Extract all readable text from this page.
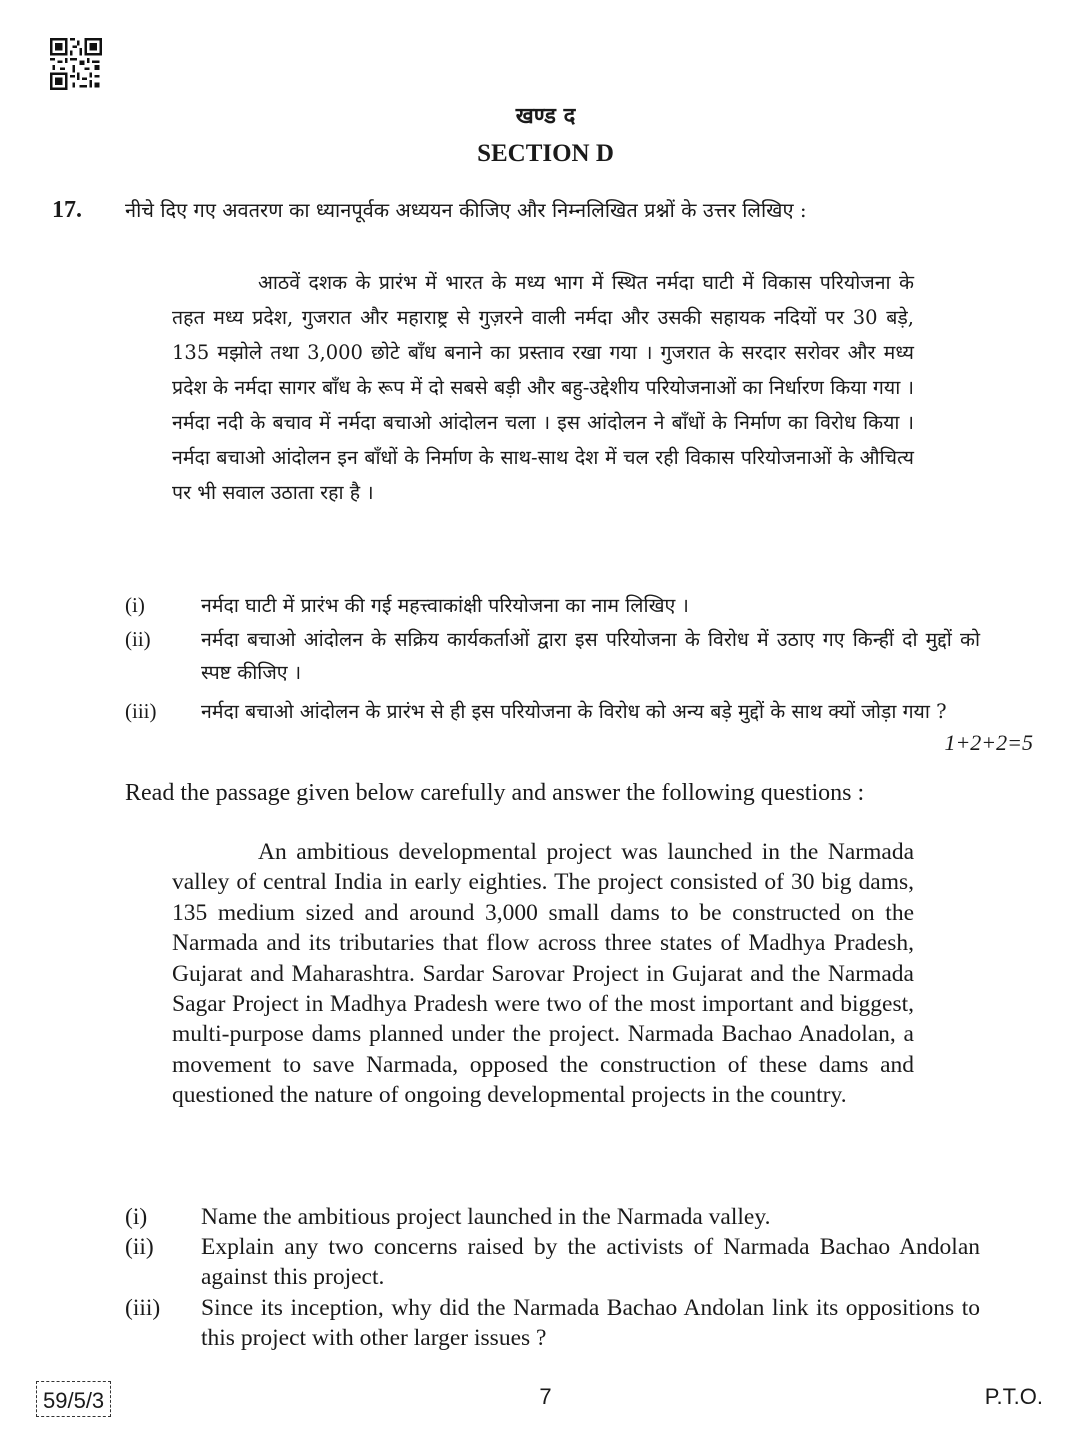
खण्ड द
SECTION D
17. नीचे दिए गए अवतरण का ध्यानपूर्वक अध्ययन कीजिए और निम्नलिखित प्रश्नों के उत्तर लिखिए :
आठवें दशक के प्रारंभ में भारत के मध्य भाग में स्थित नर्मदा घाटी में विकास परियोजना के तहत मध्य प्रदेश, गुजरात और महाराष्ट्र से गुज़रने वाली नर्मदा और उसकी सहायक नदियों पर 30 बड़े, 135 मझोले तथा 3,000 छोटे बाँध बनाने का प्रस्ताव रखा गया । गुजरात के सरदार सरोवर और मध्य प्रदेश के नर्मदा सागर बाँध के रूप में दो सबसे बड़ी और बहु-उद्देशीय परियोजनाओं का निर्धारण किया गया । नर्मदा नदी के बचाव में नर्मदा बचाओ आंदोलन चला । इस आंदोलन ने बाँधों के निर्माण का विरोध किया । नर्मदा बचाओ आंदोलन इन बाँधों के निर्माण के साथ-साथ देश में चल रही विकास परियोजनाओं के औचित्य पर भी सवाल उठाता रहा है ।
(i)	नर्मदा घाटी में प्रारंभ की गई महत्त्वाकांक्षी परियोजना का नाम लिखिए ।
(ii)	नर्मदा बचाओ आंदोलन के सक्रिय कार्यकर्ताओं द्वारा इस परियोजना के विरोध में उठाए गए किन्हीं दो मुद्दों को स्पष्ट कीजिए ।
(iii) नर्मदा बचाओ आंदोलन के प्रारंभ से ही इस परियोजना के विरोध को अन्य बड़े मुद्दों के साथ क्यों जोड़ा गया ?
1+2+2=5
Read the passage given below carefully and answer the following questions :
An ambitious developmental project was launched in the Narmada valley of central India in early eighties. The project consisted of 30 big dams, 135 medium sized and around 3,000 small dams to be constructed on the Narmada and its tributaries that flow across three states of Madhya Pradesh, Gujarat and Maharashtra. Sardar Sarovar Project in Gujarat and the Narmada Sagar Project in Madhya Pradesh were two of the most important and biggest, multi-purpose dams planned under the project. Narmada Bachao Anadolan, a movement to save Narmada, opposed the construction of these dams and questioned the nature of ongoing developmental projects in the country.
(i) Name the ambitious project launched in the Narmada valley.
(ii) Explain any two concerns raised by the activists of Narmada Bachao Andolan against this project.
(iii) Since its inception, why did the Narmada Bachao Andolan link its oppositions to this project with other larger issues ?
59/5/3	7	P.T.O.
